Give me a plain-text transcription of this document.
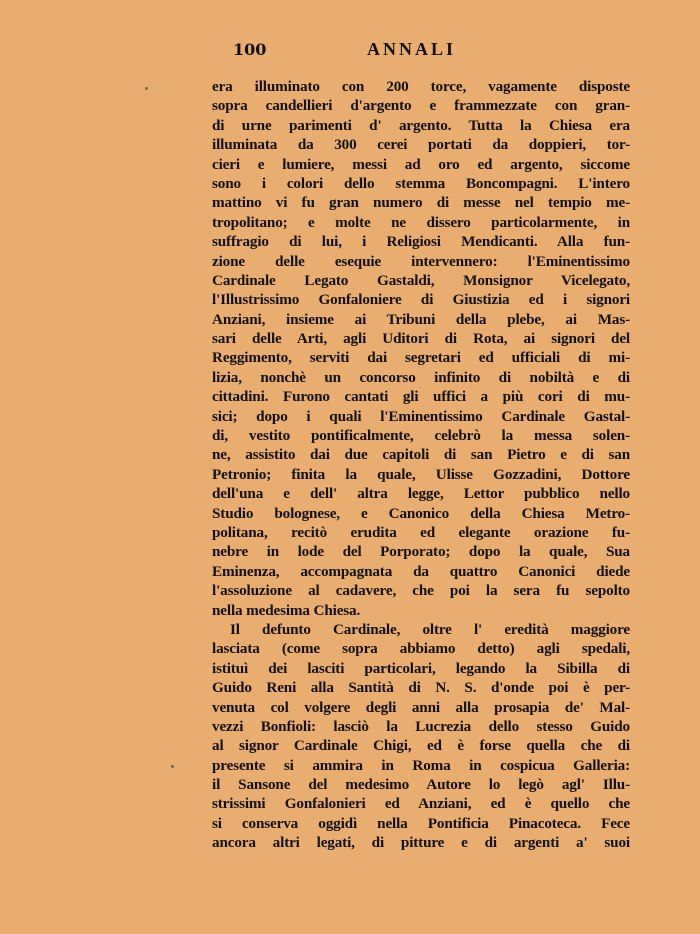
100	ANNALI
era illuminato con 200 torce, vagamente disposte
sopra candellieri d'argento e frammezzate con gran-
di urne parimenti d' argento. Tutta la Chiesa era
illuminata da 300 cerei portati da doppieri, tor-
cieri e lumiere, messi ad oro ed argento, siccome
sono i colori dello stemma Boncompagni. L'intero
mattino vi fu gran numero di messe nel tempio me-
tropolitano; e molte ne dissero particolarmente, in
suffragio di lui, i Religiosi Mendicanti. Alla fun-
zione delle esequie intervennero: l'Eminentissimo
Cardinale Legato Gastaldi, Monsignor Vicelegato,
l'Illustrissimo Gonfaloniere di Giustizia ed i signori
Anziani, insieme ai Tribuni della plebe, ai Mas-
sari delle Arti, agli Uditori di Rota, ai signori del
Reggimento, serviti dai segretari ed ufficiali di mi-
lizia, nonchè un concorso infinito di nobiltà e di
cittadini. Furono cantati gli uffici a più cori di mu-
sici; dopo i quali l'Eminentissimo Cardinale Gastal-
di, vestito pontificalmente, celebrò la messa solen-
ne, assistito dai due capitoli di san Pietro e di san
Petronio; finita la quale, Ulisse Gozzadini, Dottore
dell'una e dell' altra legge, Lettor pubblico nello
Studio bolognese, e Canonico della Chiesa Metro-
politana, recitò erudita ed elegante orazione fu-
nebre in lode del Porporato; dopo la quale, Sua
Eminenza, accompagnata da quattro Canonici diede
l'assoluzione al cadavere, che poi la sera fu sepolto
nella medesima Chiesa.
Il defunto Cardinale, oltre l' eredità maggiore
lasciata (come sopra abbiamo detto) agli spedali,
istituì dei lasciti particolari, legando la Sibilla di
Guido Reni alla Santità di N. S. d'onde poi è per-
venuta col volgere degli anni alla prosapia de' Mal-
vezzi Bonfioli: lasciò la Lucrezia dello stesso Guido
al signor Cardinale Chigi, ed è forse quella che di
presente si ammira in Roma in cospicua Galleria:
il Sansone del medesimo Autore lo legò agl' Illu-
strissimi Gonfalonieri ed Anziani, ed è quello che
si conserva oggidì nella Pontificia Pinacoteca. Fece
ancora altri legati, di pitture e di argenti a' suoi
